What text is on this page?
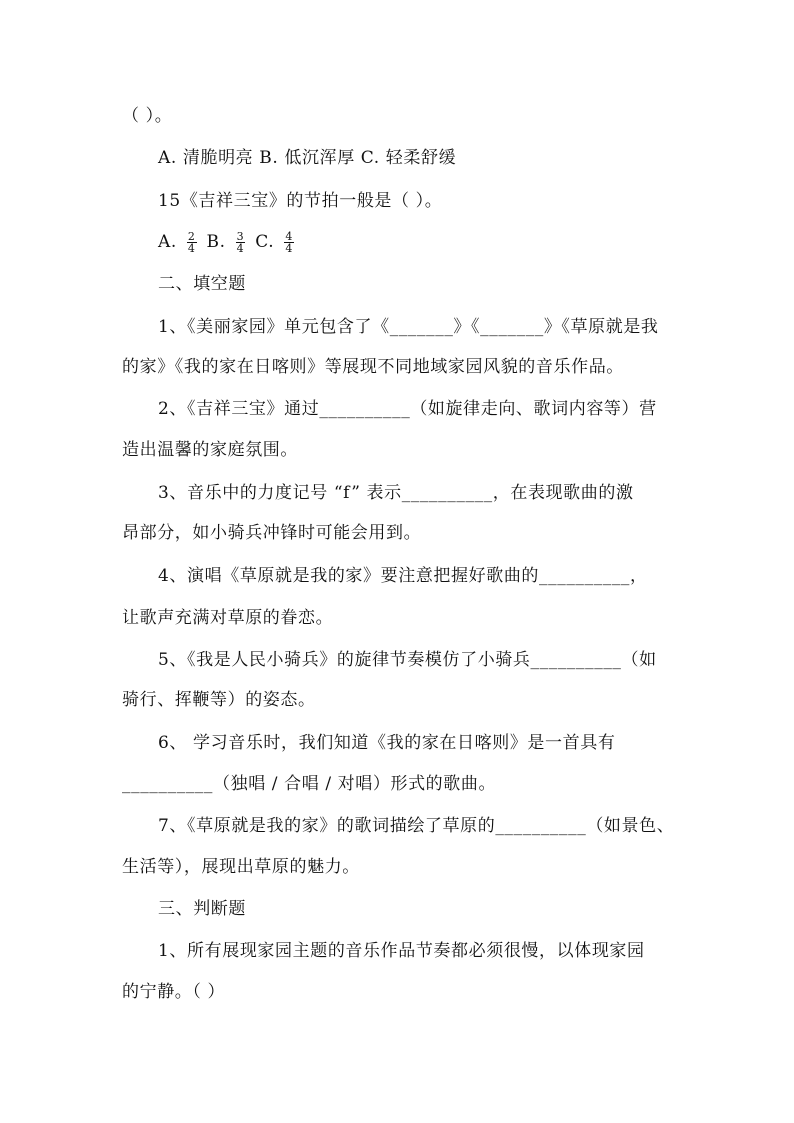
（ ）。
A. 清脆明亮 B. 低沉浑厚 C. 轻柔舒缓
15《吉祥三宝》的节拍一般是（ ）。
A. $\frac{2}{4} B$. $\frac{3}{4} C$. $\frac{4}{4}$
二、填空题
1、《美丽家园》单元包含了《_______》《_______》《草原就是我
的家》《我的家在日喀则》等展现不同地域家园风貌的音乐作品。
2、《吉祥三宝》通过__________（如旋律走向、歌词内容等）营
造出温馨的家庭氛围。
3、音乐中的力度记号 “f” 表示__________，在表现歌曲的激
昂部分，如小骑兵冲锋时可能会用到。
4、演唱《草原就是我的家》要注意把握好歌曲的__________，
让歌声充满对草原的眷恋。
5、《我是人民小骑兵》的旋律节奏模仿了小骑兵__________（如
骑行、挥鞭等）的姿态。
6、 学习音乐时，我们知道《我的家在日喀则》是一首具有
__________（独唱 / 合唱 / 对唱）形式的歌曲。
7、《草原就是我的家》的歌词描绘了草原的__________（如景色、
生活等），展现出草原的魅力。
三、判断题
1、所有展现家园主题的音乐作品节奏都必须很慢，以体现家园
的宁静。（ ）
